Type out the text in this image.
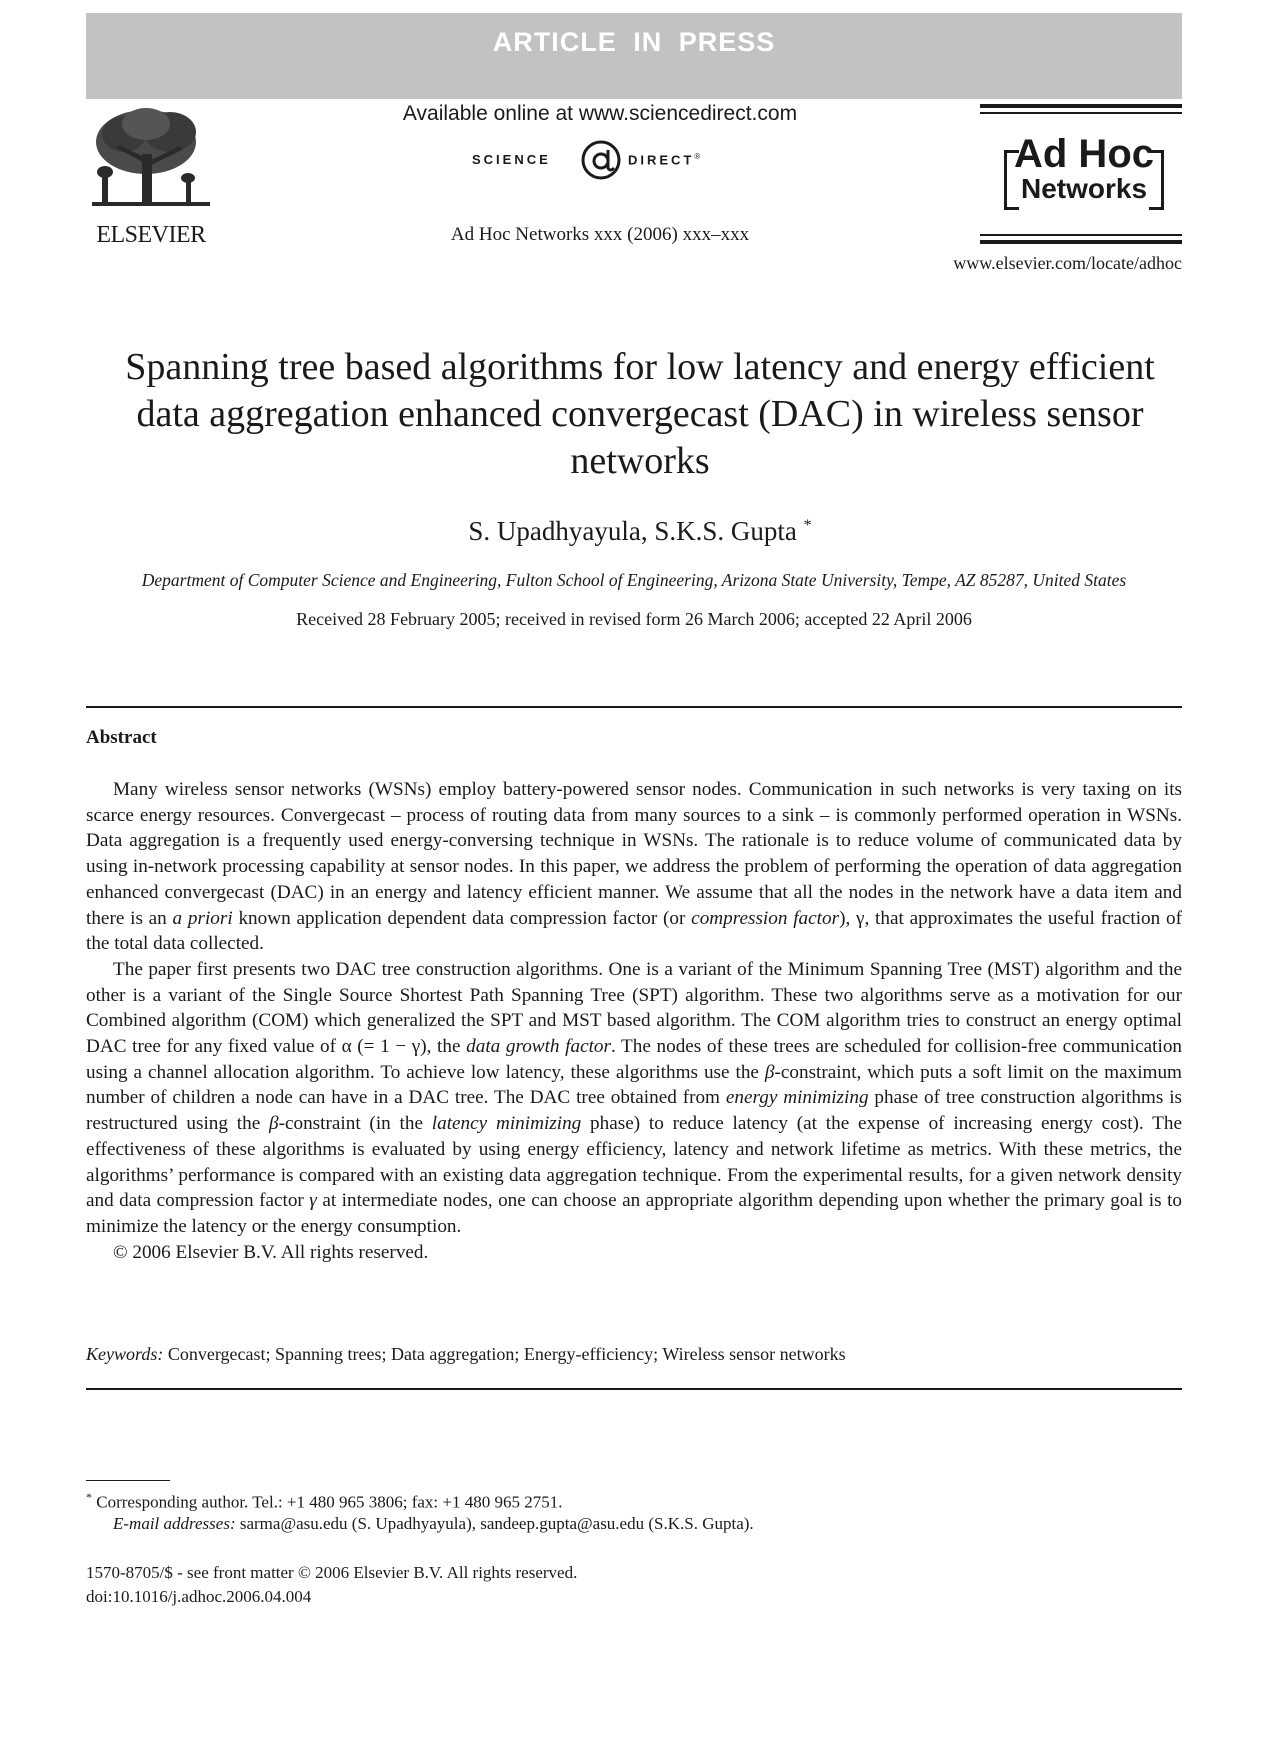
ARTICLE IN PRESS
ELSEVIER
Available online at www.sciencedirect.com
SCIENCE	DIRECT®
Ad Hoc Networks xxx (2006) xxx–xxx
Ad Hoc
Networks
www.elsevier.com/locate/adhoc
Spanning tree based algorithms for low latency and energy efficient data aggregation enhanced convergecast (DAC) in wireless sensor networks
S. Upadhyayula, S.K.S. Gupta *
Department of Computer Science and Engineering, Fulton School of Engineering, Arizona State University, Tempe, AZ 85287, United States
Received 28 February 2005; received in revised form 26 March 2006; accepted 22 April 2006
Abstract

Many wireless sensor networks (WSNs) employ battery-powered sensor nodes. Communication in such networks is very taxing on its scarce energy resources. Convergecast – process of routing data from many sources to a sink – is commonly performed operation in WSNs. Data aggregation is a frequently used energy-conversing technique in WSNs. The rationale is to reduce volume of communicated data by using in-network processing capability at sensor nodes. In this paper, we address the problem of performing the operation of data aggregation enhanced convergecast (DAC) in an energy and latency efficient manner. We assume that all the nodes in the network have a data item and there is an a priori known application dependent data compression factor (or compression factor), γ, that approximates the useful fraction of the total data collected.

The paper first presents two DAC tree construction algorithms. One is a variant of the Minimum Spanning Tree (MST) algorithm and the other is a variant of the Single Source Shortest Path Spanning Tree (SPT) algorithm. These two algorithms serve as a motivation for our Combined algorithm (COM) which generalized the SPT and MST based algorithm. The COM algorithm tries to construct an energy optimal DAC tree for any fixed value of α (= 1 − γ), the data growth factor. The nodes of these trees are scheduled for collision-free communication using a channel allocation algorithm. To achieve low latency, these algorithms use the β-constraint, which puts a soft limit on the maximum number of children a node can have in a DAC tree. The DAC tree obtained from energy minimizing phase of tree construction algorithms is restructured using the β-constraint (in the latency minimizing phase) to reduce latency (at the expense of increasing energy cost). The effectiveness of these algorithms is evaluated by using energy efficiency, latency and network lifetime as metrics. With these metrics, the algorithms’ performance is compared with an existing data aggregation technique. From the experimental results, for a given network density and data compression factor γ at intermediate nodes, one can choose an appropriate algorithm depending upon whether the primary goal is to minimize the latency or the energy consumption.

© 2006 Elsevier B.V. All rights reserved.

Keywords: Convergecast; Spanning trees; Data aggregation; Energy-efficiency; Wireless sensor networks
* Corresponding author. Tel.: +1 480 965 3806; fax: +1 480 965 2751.
E-mail addresses: sarma@asu.edu (S. Upadhyayula), sandeep.gupta@asu.edu (S.K.S. Gupta).
1570-8705/$ - see front matter © 2006 Elsevier B.V. All rights reserved.
doi:10.1016/j.adhoc.2006.04.004
